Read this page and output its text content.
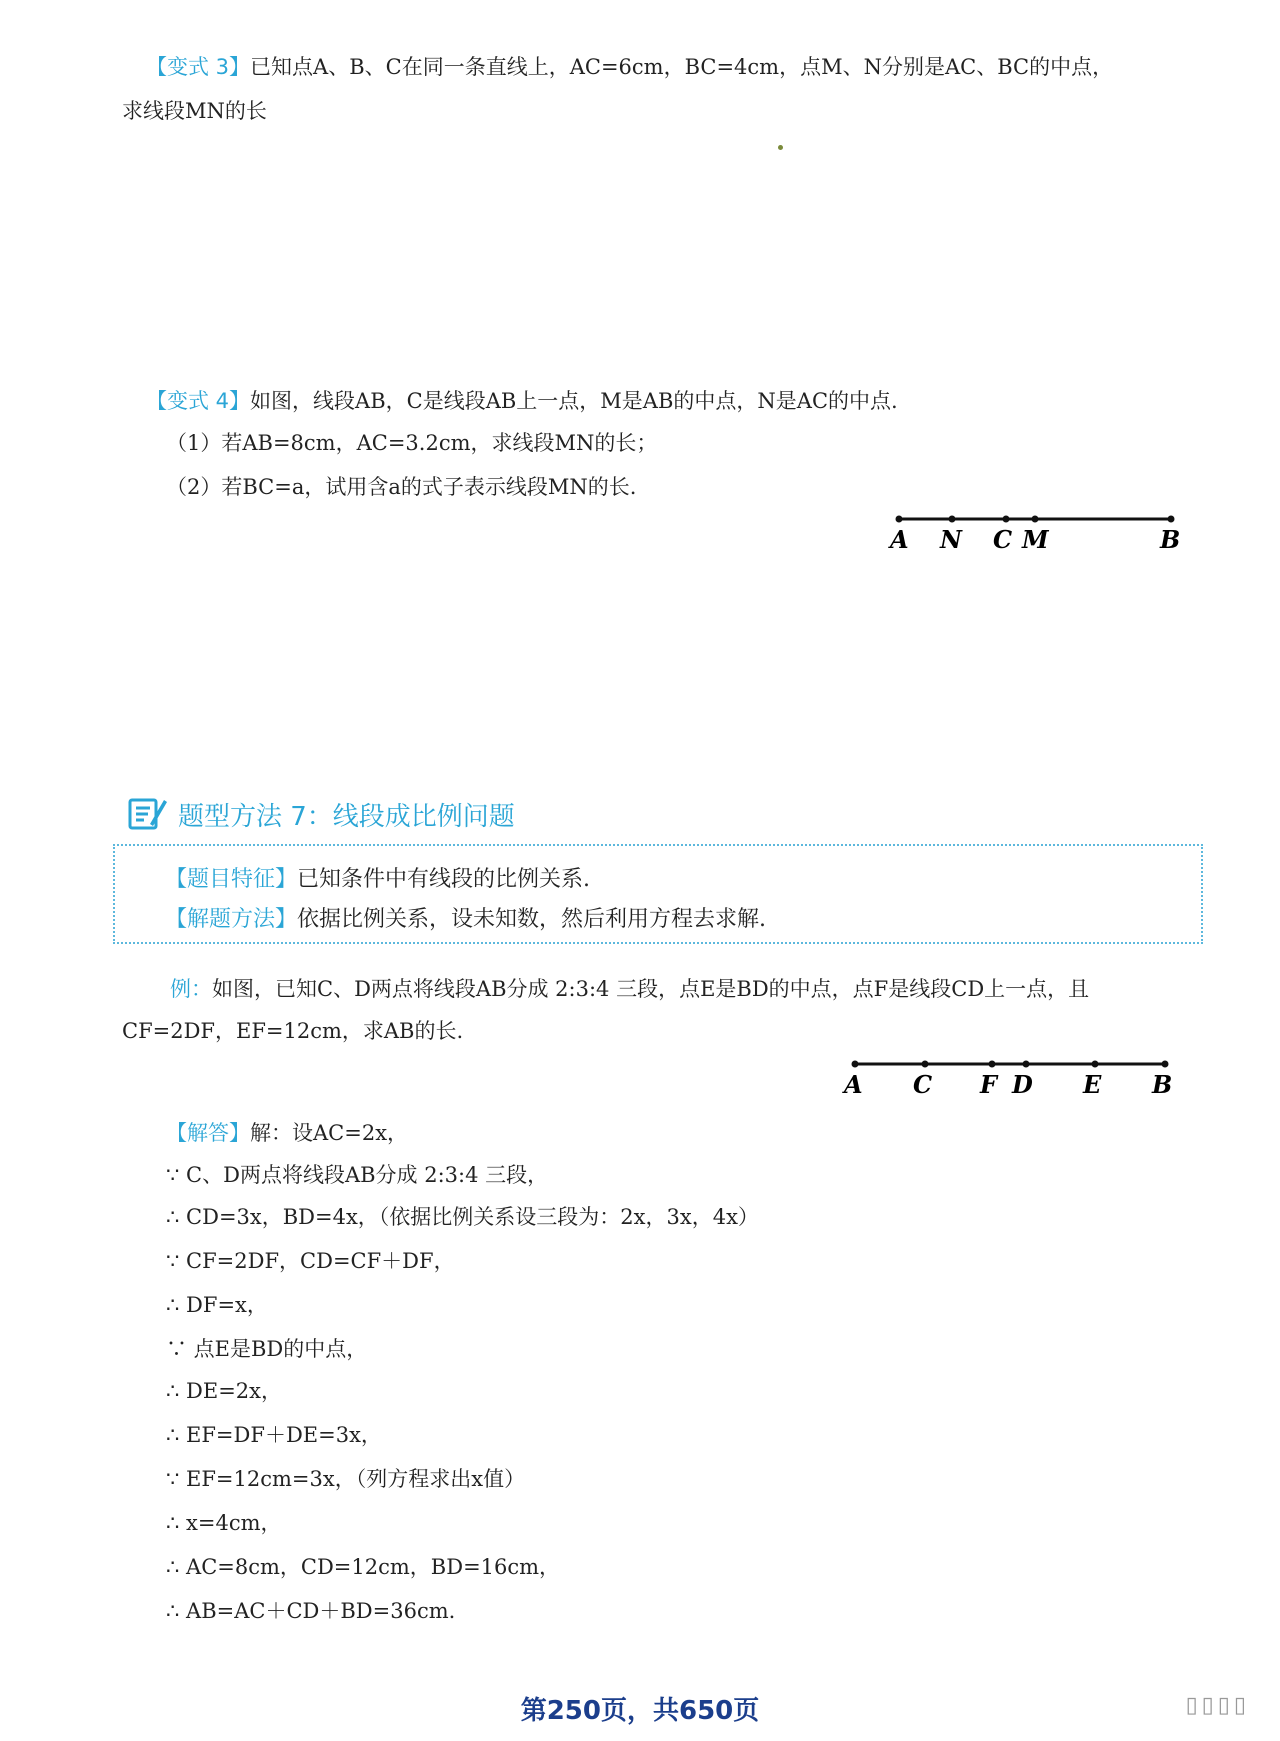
【变式 3】已知点A、B、C在同一条直线上，AC=6cm，BC=4cm，点M、N分别是AC、BC的中点，
求线段MN的长
【变式 4】如图，线段AB，C是线段AB上一点，M是AB的中点，N是AC的中点.
（1）若AB=8cm，AC=3.2cm，求线段MN的长；
（2）若BC=a，试用含a的式子表示线段MN的长.
A N C M	B
题型方法 7：线段成比例问题
【题目特征】已知条件中有线段的比例关系.
【解题方法】依据比例关系，设未知数，然后利用方程去求解.
例：如图，已知C、D两点将线段AB分成 2:3:4 三段，点E是BD的中点，点F是线段CD上一点，且
CF=2DF，EF=12cm，求AB的长.
A C F D E B
【解答】解：设AC=2x，
∵ C、D两点将线段AB分成 2:3:4 三段，
∴ CD=3x，BD=4x，（依据比例关系设三段为：2x，3x，4x）
∵ CF=2DF，CD=CF＋DF，
∴ DF=x，
∵ 点E是BD的中点，
∴ DE=2x，
∴ EF=DF＋DE=3x，
∵ EF=12cm=3x，（列方程求出x值）
∴ x=4cm，
∴ AC=8cm，CD=12cm，BD=16cm，
∴ AB=AC＋CD＋BD=36cm.
第250页，共650页	▯▯▯▯
